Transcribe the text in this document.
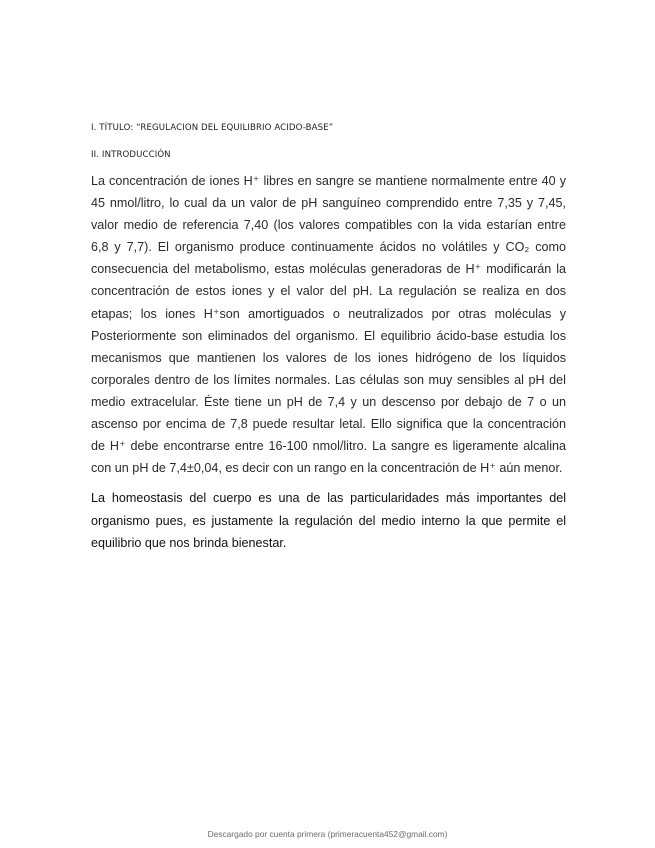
I. TÍTULO: “REGULACION DEL EQUILIBRIO ACIDO-BASE”
II. INTRODUCCIÓN
La concentración de iones H⁺ libres en sangre se mantiene normalmente entre 40 y
45 nmol/litro, lo cual da un valor de pH sanguíneo comprendido entre 7,35 y 7,45,
valor medio de referencia 7,40 (los valores compatibles con la vida estarían entre
6,8 y 7,7). El organismo produce continuamente ácidos no volátiles y CO₂ como
consecuencia del metabolismo, estas moléculas generadoras de H⁺ modificarán la
concentración de estos iones y el valor del pH. La regulación se realiza en dos
etapas; los iones H⁺son amortiguados o neutralizados por otras moléculas y
Posteriormente son eliminados del organismo. El equilibrio ácido-base estudia los
mecanismos que mantienen los valores de los iones hidrógeno de los líquidos
corporales dentro de los límites normales. Las células son muy sensibles al pH del
medio extracelular. Éste tiene un pH de 7,4 y un descenso por debajo de 7 o un
ascenso por encima de 7,8 puede resultar letal. Ello significa que la concentración
de H⁺ debe encontrarse entre 16-100 nmol/litro. La sangre es ligeramente alcalina
con un pH de 7,4±0,04, es decir con un rango en la concentración de H⁺ aún menor.
La homeostasis del cuerpo es una de las particularidades más importantes del
organismo pues, es justamente la regulación del medio interno la que permite el
equilibrio que nos brinda bienestar.
Descargado por cuenta primera (primeracuenta452@gmail.com)
